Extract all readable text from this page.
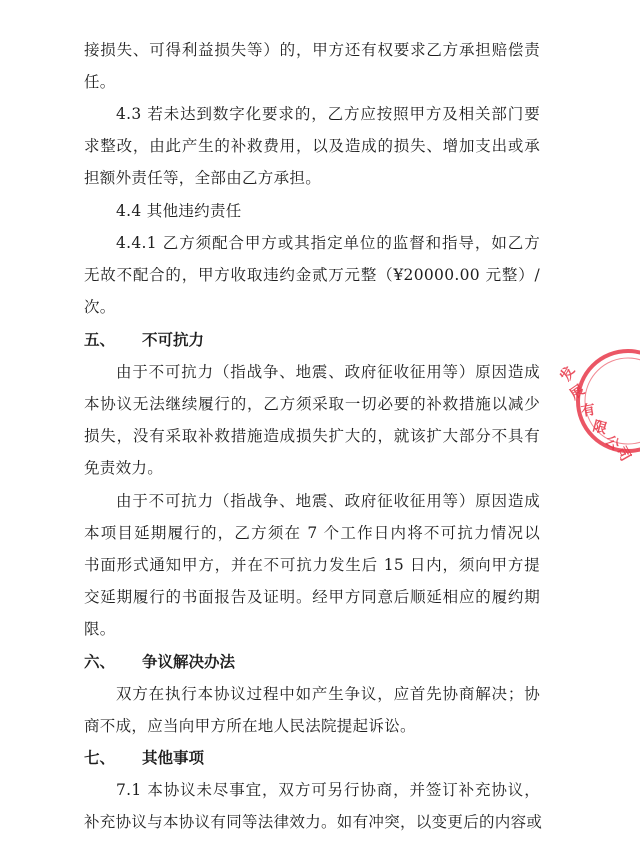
接损失、可得利益损失等）的，甲方还有权要求乙方承担赔偿责
任。
4.3 若未达到数字化要求的，乙方应按照甲方及相关部门要
求整改，由此产生的补救费用，以及造成的损失、增加支出或承
担额外责任等，全部由乙方承担。
4.4 其他违约责任
4.4.1 乙方须配合甲方或其指定单位的监督和指导，如乙方
无故不配合的，甲方收取违约金贰万元整（¥20000.00 元整）/
次。
五、 不可抗力
由于不可抗力（指战争、地震、政府征收征用等）原因造成
本协议无法继续履行的，乙方须采取一切必要的补救措施以减少
损失，没有采取补救措施造成损失扩大的，就该扩大部分不具有
免责效力。
由于不可抗力（指战争、地震、政府征收征用等）原因造成
本项目延期履行的，乙方须在 7 个工作日内将不可抗力情况以
书面形式通知甲方，并在不可抗力发生后 15 日内，须向甲方提
交延期履行的书面报告及证明。经甲方同意后顺延相应的履约期
限。
六、 争议解决办法
双方在执行本协议过程中如产生争议，应首先协商解决；协
商不成，应当向甲方所在地人民法院提起诉讼。
七、 其他事项
7.1 本协议未尽事宜，双方可另行协商，并签订补充协议，
补充协议与本协议有同等法律效力。如有冲突，以变更后的内容或
发
展
有
限
公
司
